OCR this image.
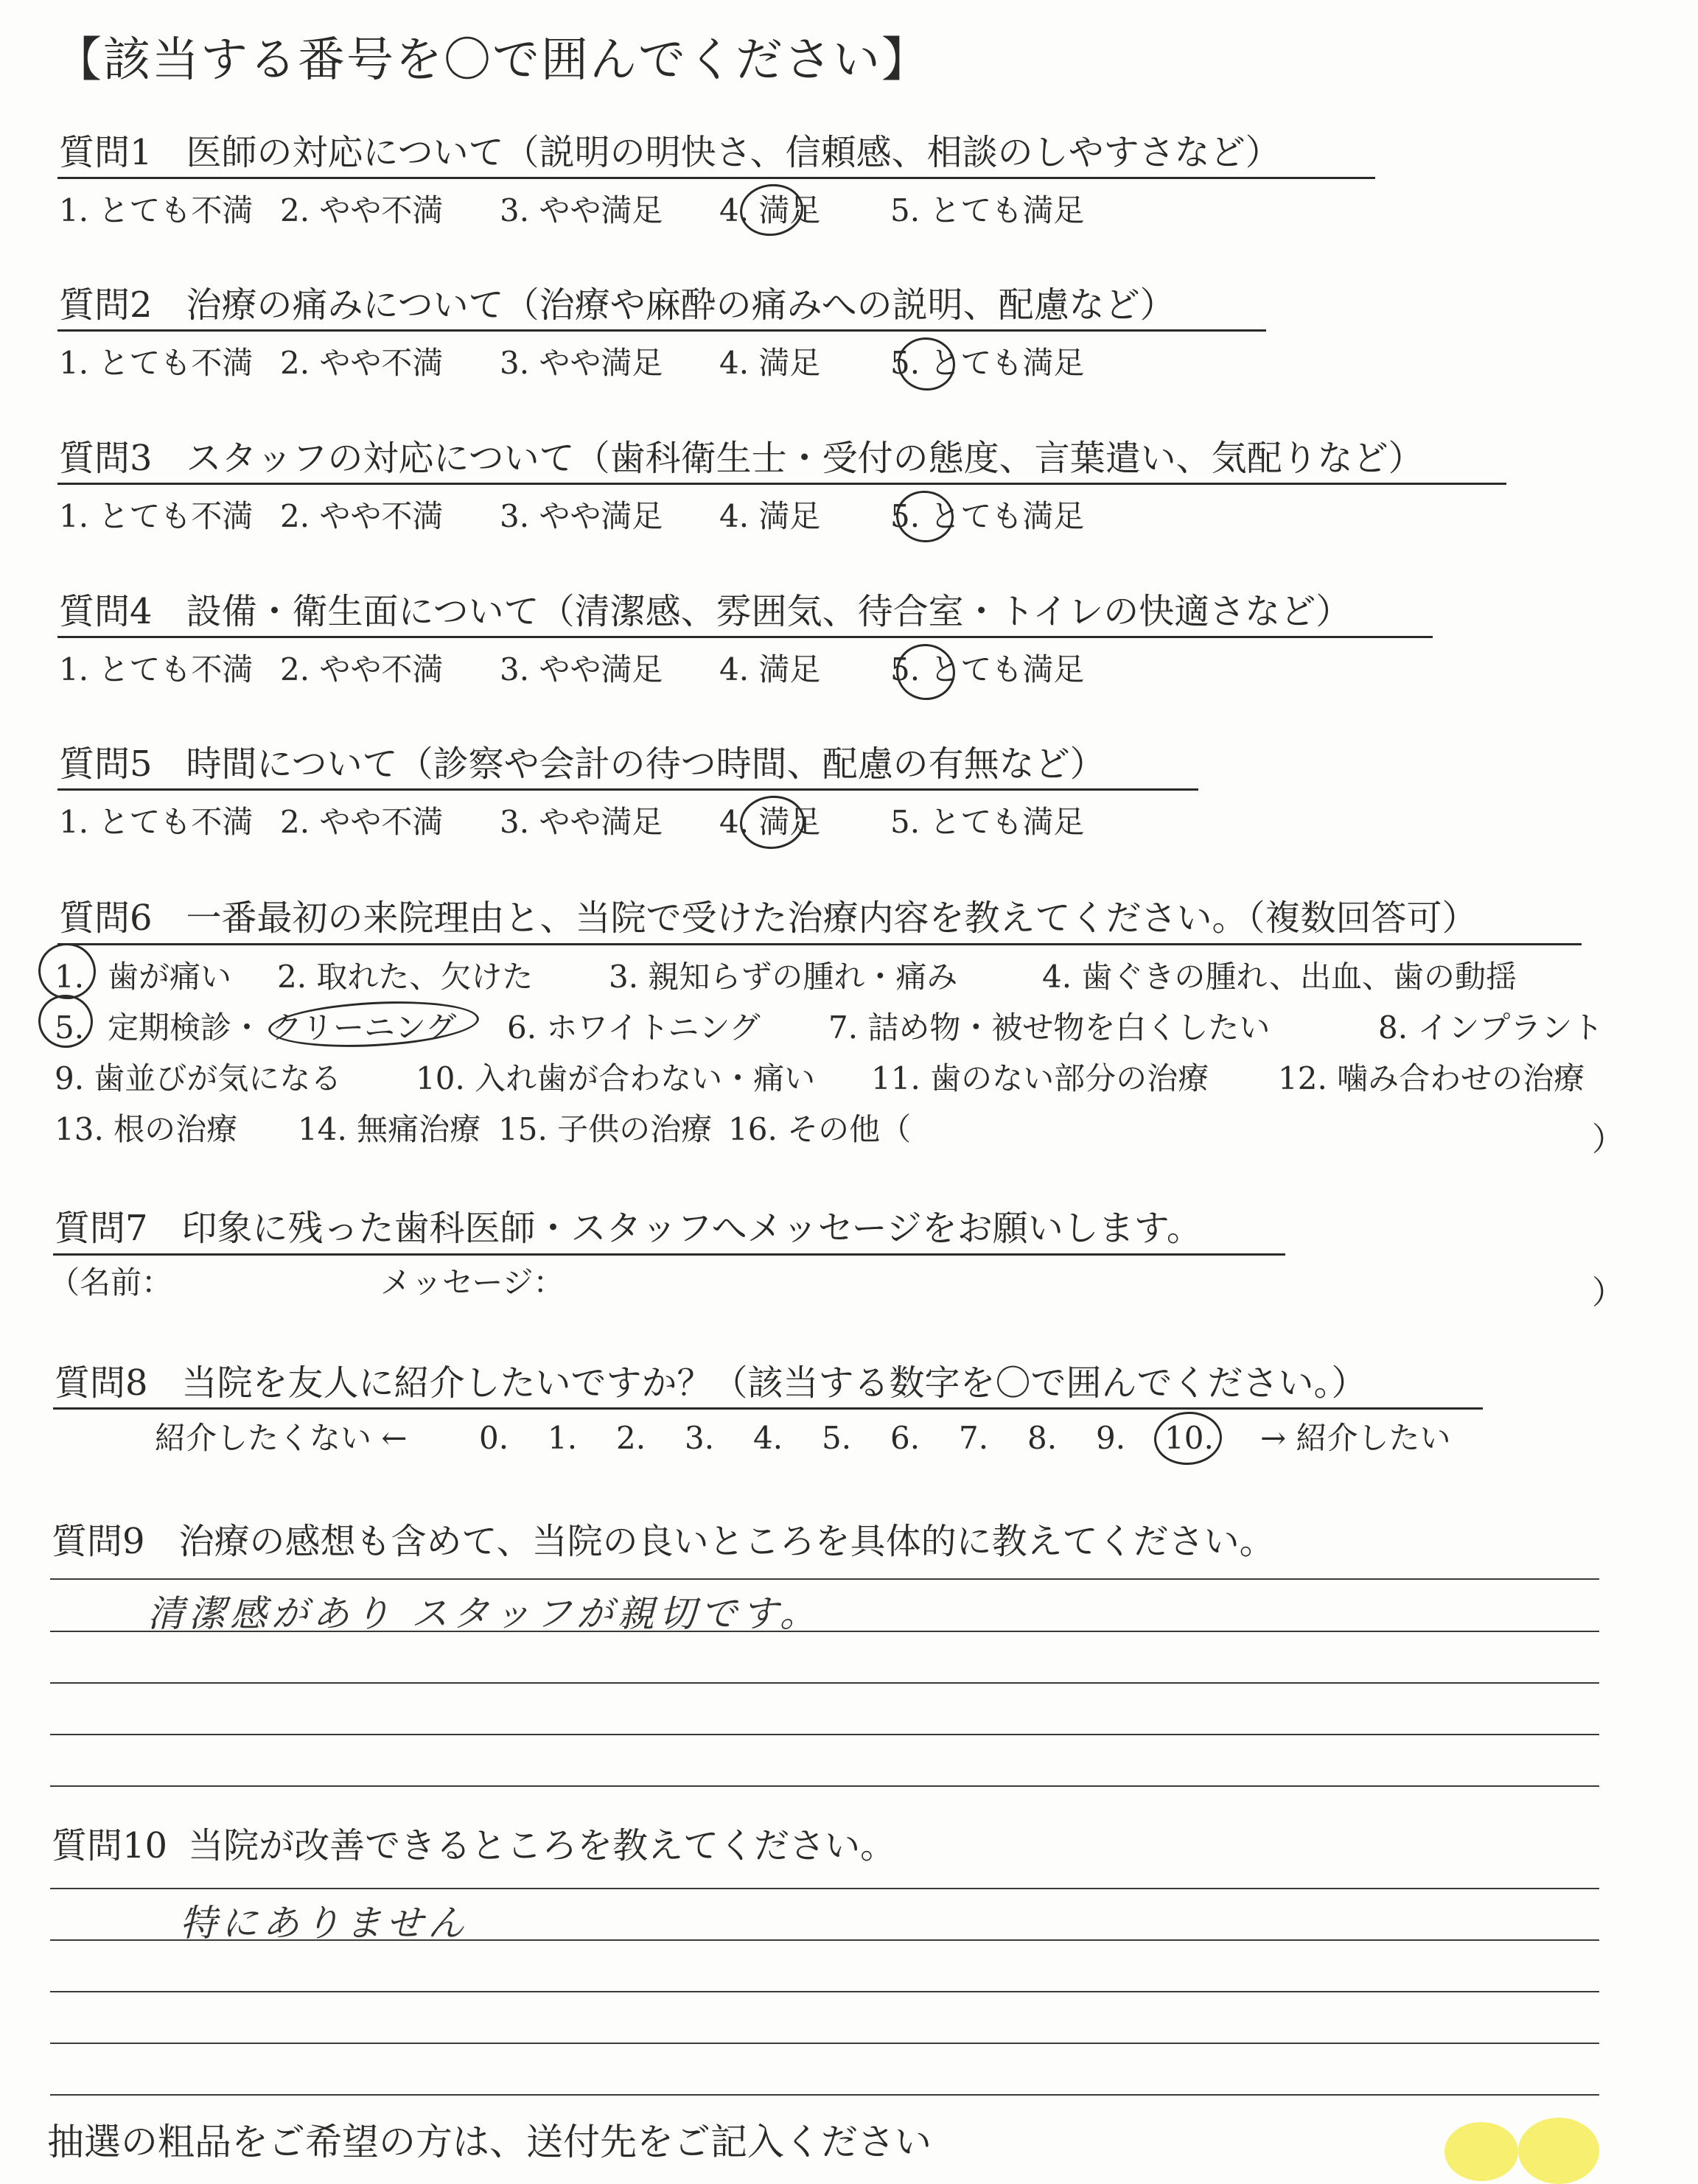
【該当する番号を〇で囲んでください】
質問1 医師の対応について（説明の明快さ、信頼感、相談のしやすさなど）
1. とても不満 2. やや不満 3. やや満足 4. 満足 5. とても満足
質問2 治療の痛みについて（治療や麻酔の痛みへの説明、配慮など）
1. とても不満 2. やや不満 3. やや満足 4. 満足 5. とても満足
質問3 スタッフの対応について（歯科衛生士・受付の態度、言葉遣い、気配りなど）
1. とても不満 2. やや不満 3. やや満足 4. 満足 5. とても満足
質問4 設備・衛生面について（清潔感、雰囲気、待合室・トイレの快適さなど）
1. とても不満 2. やや不満 3. やや満足 4. 満足 5. とても満足
質問5 時間について（診察や会計の待つ時間、配慮の有無など）
1. とても不満 2. やや不満 3. やや満足 4. 満足 5. とても満足
質問6 一番最初の来院理由と、当院で受けた治療内容を教えてください。（複数回答可）
1. 歯が痛い 2. 取れた、欠けた 3. 親知らずの腫れ・痛み	4. 歯ぐきの腫れ、出血、歯の動揺
5. 定期検診・ クリーニング 6. ホワイトニング 7. 詰め物・被せ物を白くしたい	8. インプラント
9. 歯並びが気になる 10. 入れ歯が合わない・痛い 11. 歯のない部分の治療 12. 噛み合わせの治療
13. 根の治療 14. 無痛治療 15. 子供の治療 16. その他（	）
質問7 印象に残った歯科医師・スタッフへメッセージをお願いします。
（名前：	メッセージ：	）
質問8 当院を友人に紹介したいですか？（該当する数字を〇で囲んでください。）
紹介したくない ← 0. 1. 2. 3. 4. 5. 6. 7. 8. 9. 10. → 紹介したい
質問9 治療の感想も含めて、当院の良いところを具体的に教えてください。
清潔感があり スタッフが親切です。
質問10 当院が改善できるところを教えてください。
特にありません
抽選の粗品をご希望の方は、送付先をご記入ください
